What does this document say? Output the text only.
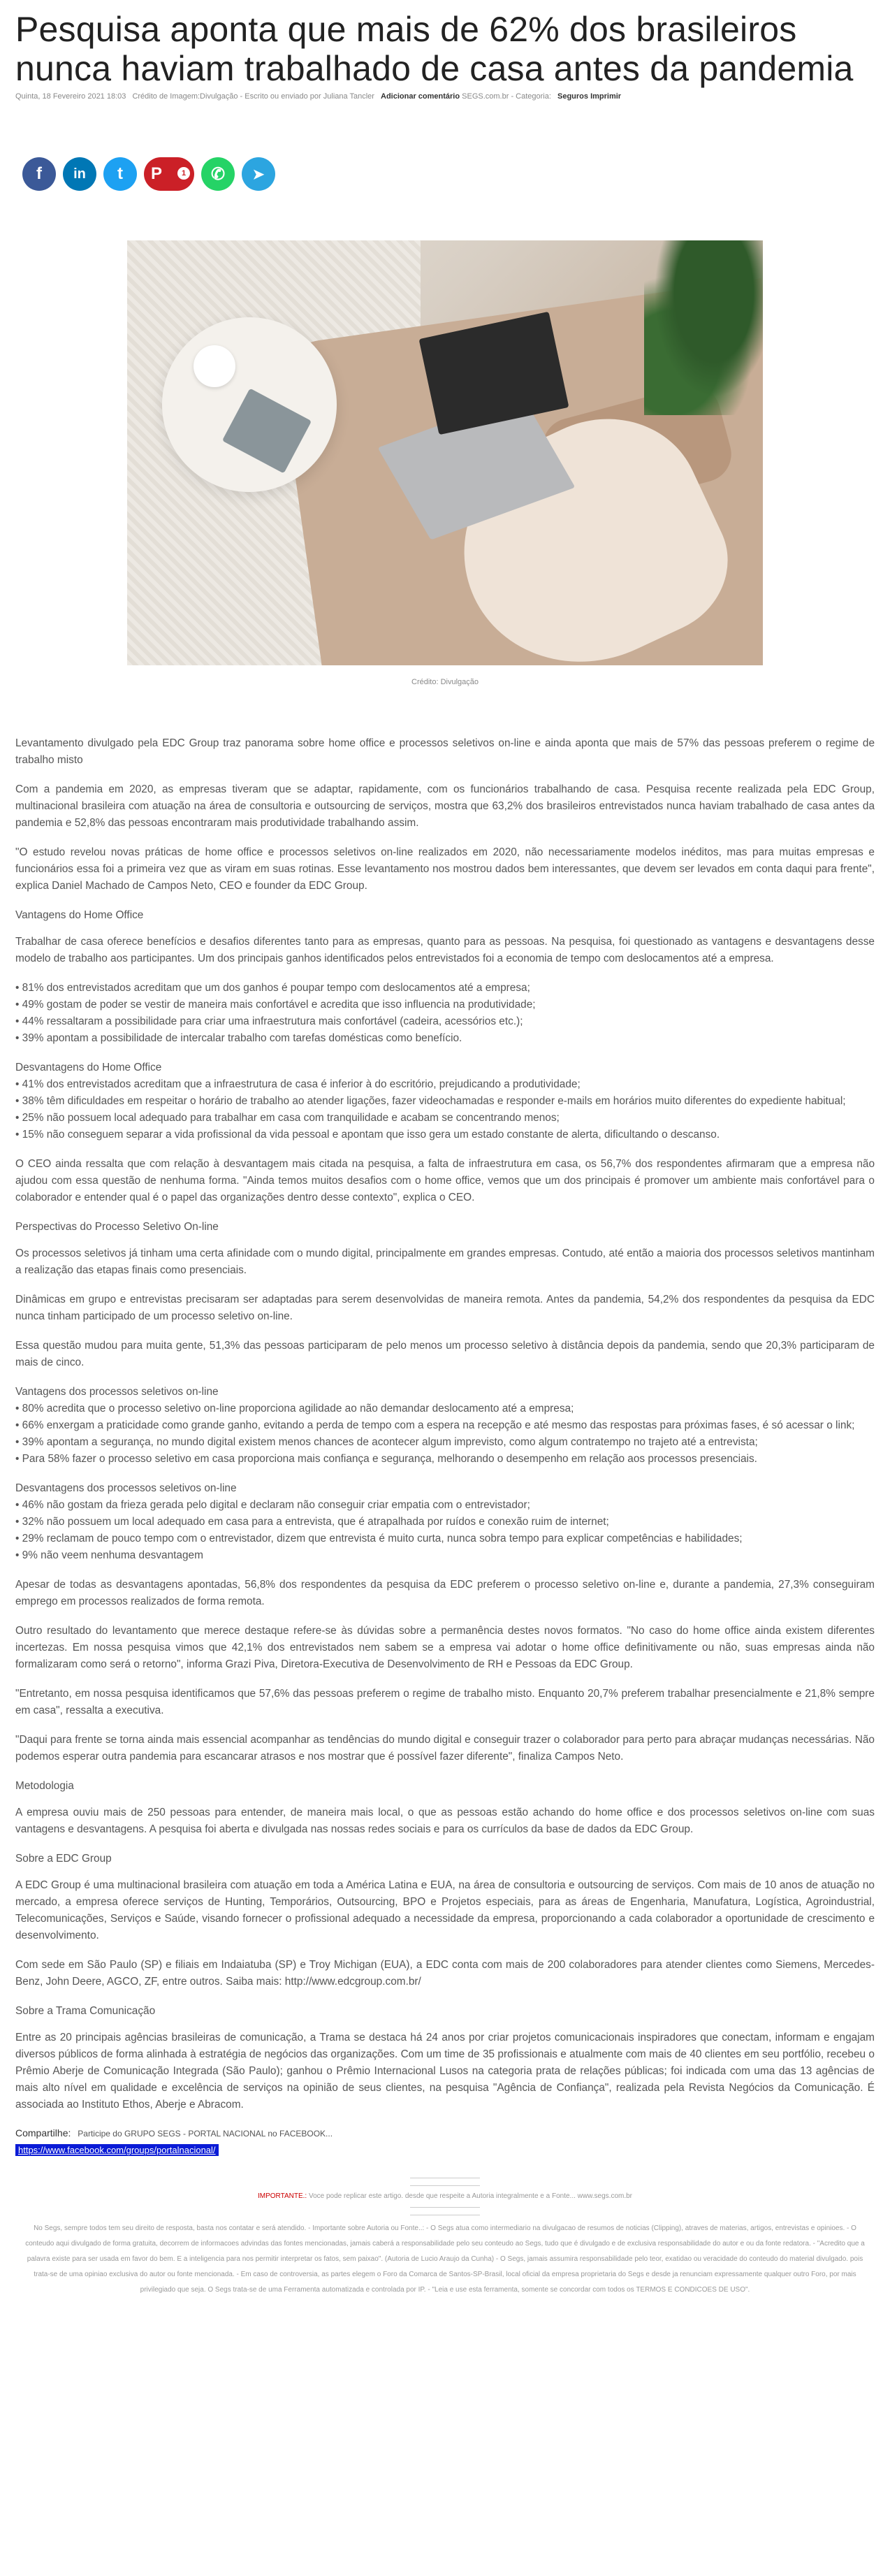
Pesquisa aponta que mais de 62% dos brasileiros nunca haviam trabalhado de casa antes da pandemia
Quinta, 18 Fevereiro 2021 18:03 Crédito de Imagem:Divulgação - Escrito ou enviado por Juliana Tancler Adicionar comentário SEGS.com.br - Categoria: Seguros Imprimir
f in t P	1 ✆ ➤
Crédito: Divulgação

Levantamento divulgado pela EDC Group traz panorama sobre home office e processos seletivos on-line e ainda aponta que mais de 57% das pessoas preferem o regime de trabalho misto

Com a pandemia em 2020, as empresas tiveram que se adaptar, rapidamente, com os funcionários trabalhando de casa. Pesquisa recente realizada pela EDC Group, multinacional brasileira com atuação na área de consultoria e outsourcing de serviços, mostra que 63,2% dos brasileiros entrevistados nunca haviam trabalhado de casa antes da pandemia e 52,8% das pessoas encontraram mais produtividade trabalhando assim.

"O estudo revelou novas práticas de home office e processos seletivos on-line realizados em 2020, não necessariamente modelos inéditos, mas para muitas empresas e funcionários essa foi a primeira vez que as viram em suas rotinas. Esse levantamento nos mostrou dados bem interessantes, que devem ser levados em conta daqui para frente", explica Daniel Machado de Campos Neto, CEO e founder da EDC Group.

Vantagens do Home Office

Trabalhar de casa oferece benefícios e desafios diferentes tanto para as empresas, quanto para as pessoas. Na pesquisa, foi questionado as vantagens e desvantagens desse modelo de trabalho aos participantes. Um dos principais ganhos identificados pelos entrevistados foi a economia de tempo com deslocamentos até a empresa.

• 81% dos entrevistados acreditam que um dos ganhos é poupar tempo com deslocamentos até a empresa;
• 49% gostam de poder se vestir de maneira mais confortável e acredita que isso influencia na produtividade;
• 44% ressaltaram a possibilidade para criar uma infraestrutura mais confortável (cadeira, acessórios etc.);
• 39% apontam a possibilidade de intercalar trabalho com tarefas domésticas como benefício.

Desvantagens do Home Office
• 41% dos entrevistados acreditam que a infraestrutura de casa é inferior à do escritório, prejudicando a produtividade;
• 38% têm dificuldades em respeitar o horário de trabalho ao atender ligações, fazer videochamadas e responder e-mails em horários muito diferentes do expediente habitual;
• 25% não possuem local adequado para trabalhar em casa com tranquilidade e acabam se concentrando menos;
• 15% não conseguem separar a vida profissional da vida pessoal e apontam que isso gera um estado constante de alerta, dificultando o descanso.

O CEO ainda ressalta que com relação à desvantagem mais citada na pesquisa, a falta de infraestrutura em casa, os 56,7% dos respondentes afirmaram que a empresa não ajudou com essa questão de nenhuma forma. "Ainda temos muitos desafios com o home office, vemos que um dos principais é promover um ambiente mais confortável para o colaborador e entender qual é o papel das organizações dentro desse contexto", explica o CEO.

Perspectivas do Processo Seletivo On-line

Os processos seletivos já tinham uma certa afinidade com o mundo digital, principalmente em grandes empresas. Contudo, até então a maioria dos processos seletivos mantinham a realização das etapas finais como presenciais.

Dinâmicas em grupo e entrevistas precisaram ser adaptadas para serem desenvolvidas de maneira remota. Antes da pandemia, 54,2% dos respondentes da pesquisa da EDC nunca tinham participado de um processo seletivo on-line.

Essa questão mudou para muita gente, 51,3% das pessoas participaram de pelo menos um processo seletivo à distância depois da pandemia, sendo que 20,3% participaram de mais de cinco.

Vantagens dos processos seletivos on-line
• 80% acredita que o processo seletivo on-line proporciona agilidade ao não demandar deslocamento até a empresa;
• 66% enxergam a praticidade como grande ganho, evitando a perda de tempo com a espera na recepção e até mesmo das respostas para próximas fases, é só acessar o link;
• 39% apontam a segurança, no mundo digital existem menos chances de acontecer algum imprevisto, como algum contratempo no trajeto até a entrevista;
• Para 58% fazer o processo seletivo em casa proporciona mais confiança e segurança, melhorando o desempenho em relação aos processos presenciais.

Desvantagens dos processos seletivos on-line
• 46% não gostam da frieza gerada pelo digital e declaram não conseguir criar empatia com o entrevistador;
• 32% não possuem um local adequado em casa para a entrevista, que é atrapalhada por ruídos e conexão ruim de internet;
• 29% reclamam de pouco tempo com o entrevistador, dizem que entrevista é muito curta, nunca sobra tempo para explicar competências e habilidades;
• 9% não veem nenhuma desvantagem

Apesar de todas as desvantagens apontadas, 56,8% dos respondentes da pesquisa da EDC preferem o processo seletivo on-line e, durante a pandemia, 27,3% conseguiram emprego em processos realizados de forma remota.

Outro resultado do levantamento que merece destaque refere-se às dúvidas sobre a permanência destes novos formatos. "No caso do home office ainda existem diferentes incertezas. Em nossa pesquisa vimos que 42,1% dos entrevistados nem sabem se a empresa vai adotar o home office definitivamente ou não, suas empresas ainda não formalizaram como será o retorno", informa Grazi Piva, Diretora-Executiva de Desenvolvimento de RH e Pessoas da EDC Group.

"Entretanto, em nossa pesquisa identificamos que 57,6% das pessoas preferem o regime de trabalho misto. Enquanto 20,7% preferem trabalhar presencialmente e 21,8% sempre em casa", ressalta a executiva.

"Daqui para frente se torna ainda mais essencial acompanhar as tendências do mundo digital e conseguir trazer o colaborador para perto para abraçar mudanças necessárias. Não podemos esperar outra pandemia para escancarar atrasos e nos mostrar que é possível fazer diferente", finaliza Campos Neto.

Metodologia

A empresa ouviu mais de 250 pessoas para entender, de maneira mais local, o que as pessoas estão achando do home office e dos processos seletivos on-line com suas vantagens e desvantagens. A pesquisa foi aberta e divulgada nas nossas redes sociais e para os currículos da base de dados da EDC Group.

Sobre a EDC Group

A EDC Group é uma multinacional brasileira com atuação em toda a América Latina e EUA, na área de consultoria e outsourcing de serviços. Com mais de 10 anos de atuação no mercado, a empresa oferece serviços de Hunting, Temporários, Outsourcing, BPO e Projetos especiais, para as áreas de Engenharia, Manufatura, Logística, Agroindustrial, Telecomunicações, Serviços e Saúde, visando fornecer o profissional adequado a necessidade da empresa, proporcionando a cada colaborador a oportunidade de crescimento e desenvolvimento.

Com sede em São Paulo (SP) e filiais em Indaiatuba (SP) e Troy Michigan (EUA), a EDC conta com mais de 200 colaboradores para atender clientes como Siemens, Mercedes-Benz, John Deere, AGCO, ZF, entre outros. Saiba mais: http://www.edcgroup.com.br/

Sobre a Trama Comunicação

Entre as 20 principais agências brasileiras de comunicação, a Trama se destaca há 24 anos por criar projetos comunicacionais inspiradores que conectam, informam e engajam diversos públicos de forma alinhada à estratégia de negócios das organizações. Com um time de 35 profissionais e atualmente com mais de 40 clientes em seu portfólio, recebeu o Prêmio Aberje de Comunicação Integrada (São Paulo); ganhou o Prêmio Internacional Lusos na categoria prata de relações públicas; foi indicada com uma das 13 agências de mais alto nível em qualidade e excelência de serviços na opinião de seus clientes, na pesquisa "Agência de Confiança", realizada pela Revista Negócios da Comunicação. É associada ao Instituto Ethos, Aberje e Abracom.

Compartilhe: Participe do GRUPO SEGS - PORTAL NACIONAL no FACEBOOK...
https://www.facebook.com/groups/portalnacional/
IMPORTANTE.: Voce pode replicar este artigo. desde que respeite a Autoria integralmente e a Fonte... www.segs.com.br
No Segs, sempre todos tem seu direito de resposta, basta nos contatar e será atendido. - Importante sobre Autoria ou Fonte..: - O Segs atua como intermediario na divulgacao de resumos de noticias (Clipping), atraves de materias, artigos, entrevistas e opinioes. - O conteudo aqui divulgado de forma gratuita, decorrem de informacoes advindas das fontes mencionadas, jamais caberá a responsabilidade pelo seu conteudo ao Segs, tudo que é divulgado e de exclusiva responsabilidade do autor e ou da fonte redatora. - "Acredito que a palavra existe para ser usada em favor do bem. E a inteligencia para nos permitir interpretar os fatos, sem paixao". (Autoria de Lucio Araujo da Cunha) - O Segs, jamais assumira responsabilidade pelo teor, exatidao ou veracidade do conteudo do material divulgado. pois trata-se de uma opiniao exclusiva do autor ou fonte mencionada. - Em caso de controversia, as partes elegem o Foro da Comarca de Santos-SP-Brasil, local oficial da empresa proprietaria do Segs e desde ja renunciam expressamente qualquer outro Foro, por mais privilegiado que seja. O Segs trata-se de uma Ferramenta automatizada e controlada por IP. - "Leia e use esta ferramenta, somente se concordar com todos os TERMOS E CONDICOES DE USO".
